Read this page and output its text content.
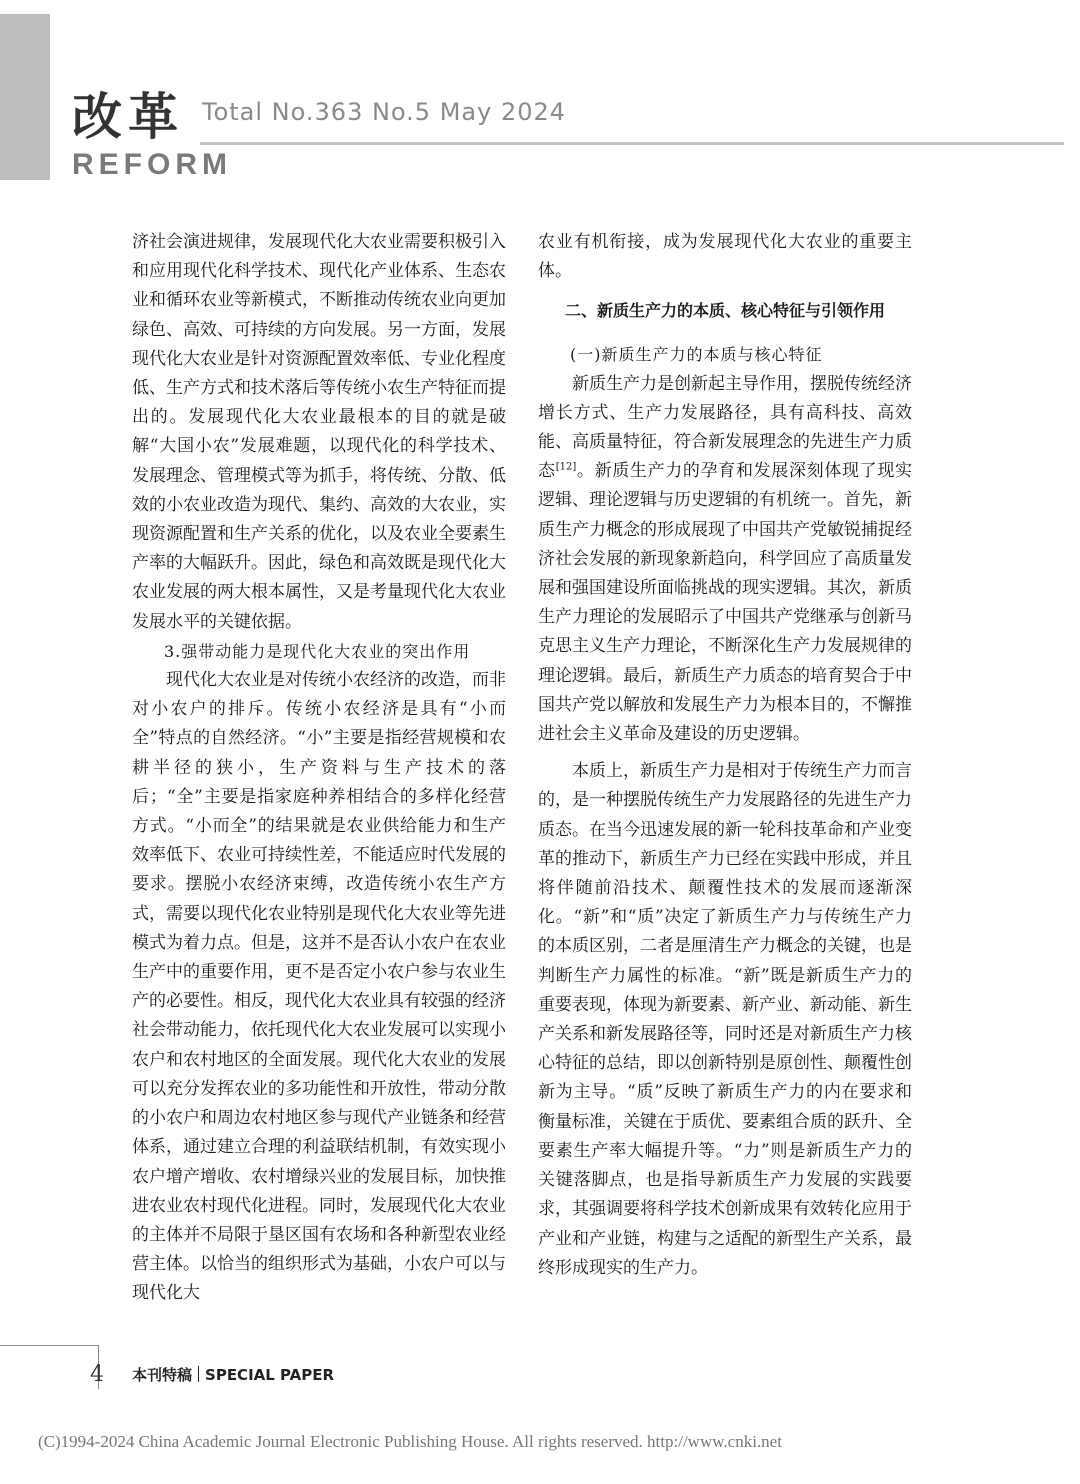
改革
REFORM
Total No.363 No.5 May 2024

济社会演进规律，发展现代化大农业需要积极引入和应用现代化科学技术、现代化产业体系、生态农业和循环农业等新模式，不断推动传统农业向更加绿色、高效、可持续的方向发展。另一方面，发展现代化大农业是针对资源配置效率低、专业化程度低、生产方式和技术落后等传统小农生产特征而提出的。发展现代化大农业最根本的目的就是破解“大国小农”发展难题，以现代化的科学技术、发展理念、管理模式等为抓手，将传统、分散、低效的小农业改造为现代、集约、高效的大农业，实现资源配置和生产关系的优化，以及农业全要素生产率的大幅跃升。因此，绿色和高效既是现代化大农业发展的两大根本属性，又是考量现代化大农业发展水平的关键依据。

3.强带动能力是现代化大农业的突出作用

现代化大农业是对传统小农经济的改造，而非对小农户的排斥。传统小农经济是具有“小而全”特点的自然经济。“小”主要是指经营规模和农耕半径的狭小，生产资料与生产技术的落后；“全”主要是指家庭种养相结合的多样化经营方式。“小而全”的结果就是农业供给能力和生产效率低下、农业可持续性差，不能适应时代发展的要求。摆脱小农经济束缚，改造传统小农生产方式，需要以现代化农业特别是现代化大农业等先进模式为着力点。但是，这并不是否认小农户在农业生产中的重要作用，更不是否定小农户参与农业生产的必要性。相反，现代化大农业具有较强的经济社会带动能力，依托现代化大农业发展可以实现小农户和农村地区的全面发展。现代化大农业的发展可以充分发挥农业的多功能性和开放性，带动分散的小农户和周边农村地区参与现代产业链条和经营体系，通过建立合理的利益联结机制，有效实现小农户增产增收、农村增绿兴业的发展目标，加快推进农业农村现代化进程。同时，发展现代化大农业的主体并不局限于垦区国有农场和各种新型农业经营主体。以恰当的组织形式为基础，小农户可以与现代化大

农业有机衔接，成为发展现代化大农业的重要主体。

二、新质生产力的本质、核心特征与引领作用

(一)新质生产力的本质与核心特征

新质生产力是创新起主导作用，摆脱传统经济增长方式、生产力发展路径，具有高科技、高效能、高质量特征，符合新发展理念的先进生产力质态[12]。新质生产力的孕育和发展深刻体现了现实逻辑、理论逻辑与历史逻辑的有机统一。首先，新质生产力概念的形成展现了中国共产党敏锐捕捉经济社会发展的新现象新趋向，科学回应了高质量发展和强国建设所面临挑战的现实逻辑。其次，新质生产力理论的发展昭示了中国共产党继承与创新马克思主义生产力理论，不断深化生产力发展规律的理论逻辑。最后，新质生产力质态的培育契合于中国共产党以解放和发展生产力为根本目的，不懈推进社会主义革命及建设的历史逻辑。

本质上，新质生产力是相对于传统生产力而言的，是一种摆脱传统生产力发展路径的先进生产力质态。在当今迅速发展的新一轮科技革命和产业变革的推动下，新质生产力已经在实践中形成，并且将伴随前沿技术、颠覆性技术的发展而逐渐深化。“新”和“质”决定了新质生产力与传统生产力的本质区别，二者是厘清生产力概念的关键，也是判断生产力属性的标准。“新”既是新质生产力的重要表现，体现为新要素、新产业、新动能、新生产关系和新发展路径等，同时还是对新质生产力核心特征的总结，即以创新特别是原创性、颠覆性创新为主导。“质”反映了新质生产力的内在要求和衡量标准，关键在于质优、要素组合质的跃升、全要素生产率大幅提升等。“力”则是新质生产力的关键落脚点，也是指导新质生产力发展的实践要求，其强调要将科学技术创新成果有效转化应用于产业和产业链，构建与之适配的新型生产关系，最终形成现实的生产力。

4 本刊特稿 SPECIAL PAPER
(C)1994-2024 China Academic Journal Electronic Publishing House. All rights reserved. http://www.cnki.net
